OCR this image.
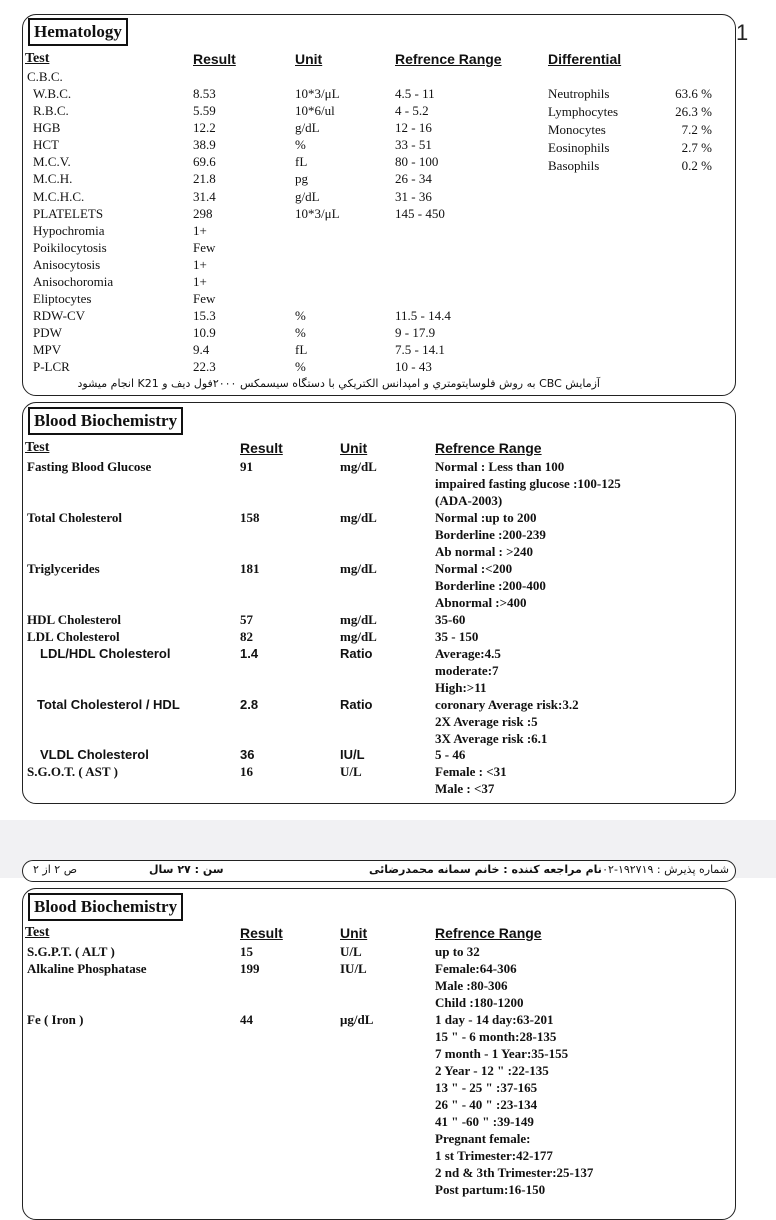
1
Hematology
Test	Result	Unit	Refrence Range	Differential
C.B.C.
W.B.C.	8.53	10*3/μL	4.5 - 11
R.B.C.	5.59	10*6/ul	4 - 5.2
HGB	12.2	g/dL	12 - 16
HCT	38.9	%	33 - 51
M.C.V.	69.6	fL	80 - 100
M.C.H.	21.8	pg	26 - 34
M.C.H.C.	31.4	g/dL	31 - 36
PLATELETS	298	10*3/μL	145 - 450
Hypochromia	1+
Poikilocytosis	Few
Anisocytosis	1+
Anisochoromia	1+
Eliptocytes	Few
RDW-CV	15.3	%	11.5 - 14.4
PDW	10.9	%	9 - 17.9
MPV	9.4	fL	7.5 - 14.1
P-LCR	22.3	%	10 - 43
Neutrophils	63.6 %
Lymphocytes	26.3 %
Monocytes	7.2 %
Eosinophils	2.7 %
Basophils	0.2 %
آزمایش CBC به روش فلوسایتومتري و امپدانس الكتريكي با دستگاه سيسمكس ۲۰۰۰فول ديف و K21 انجام ميشود
Blood Biochemistry
Test	Result	Unit	Refrence Range
Fasting Blood Glucose	91	mg/dL	Normal : Less than 100
impaired fasting glucose :100-125
(ADA-2003)
Total Cholesterol	158	mg/dL	Normal :up to 200
Borderline :200-239
Ab normal : >240
Triglycerides	181	mg/dL	Normal :<200
Borderline :200-400
Abnormal :>400
HDL Cholesterol	57	mg/dL	35-60
LDL Cholesterol	82	mg/dL	35 - 150
LDL/HDL Cholesterol	1.4	Ratio	Average:4.5
moderate:7
High:>11
Total Cholesterol / HDL	2.8	Ratio	coronary Average risk:3.2
2X Average risk :5
3X Average risk :6.1
VLDL Cholesterol	36	IU/L	5 - 46
S.G.O.T. ( AST )	16	U/L	Female : <31
Male : <37
شماره پذیرش : ۱۹۲۷۱۹-۰۲
نام مراجعه كننده : خانم سمانه محمدرضائی
سن : ۲۷ سال
ص ۲ از ۲
Blood Biochemistry
Test	Result	Unit	Refrence Range
S.G.P.T. ( ALT )	15	U/L	up to 32
Alkaline Phosphatase	199	IU/L	Female:64-306
Male :80-306
Child :180-1200
Fe ( Iron )	44	μg/dL	1 day - 14 day:63-201
15 " - 6 month:28-135
7 month - 1 Year:35-155
2 Year - 12 " :22-135
13 " - 25 " :37-165
26 " - 40 " :23-134
41 " -60 " :39-149
Pregnant female:
1 st Trimester:42-177
2 nd & 3th Trimester:25-137
Post partum:16-150
